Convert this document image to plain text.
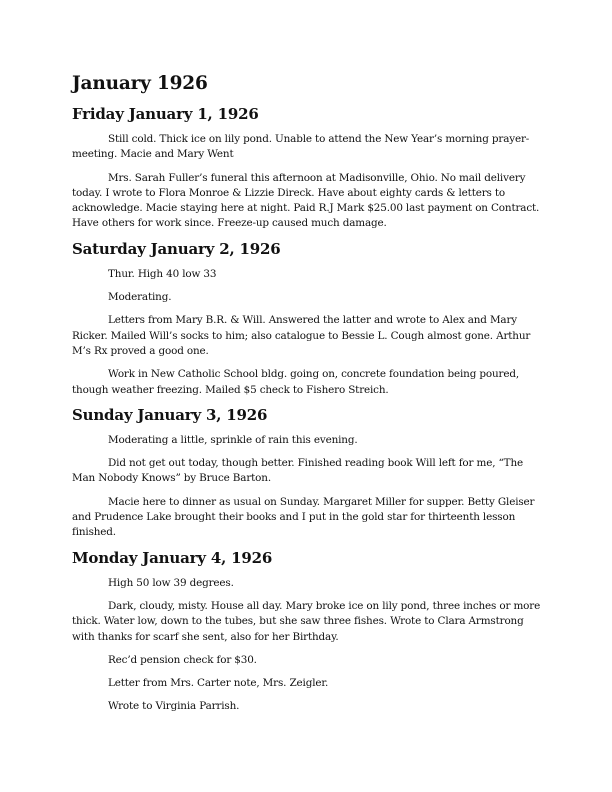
January 1926
Friday January 1, 1926

Still cold. Thick ice on lily pond. Unable to attend the New Year’s morning prayer-meeting. Macie and Mary Went

Mrs. Sarah Fuller’s funeral this afternoon at Madisonville, Ohio. No mail delivery today. I wrote to Flora Monroe & Lizzie Direck. Have about eighty cards & letters to acknowledge. Macie staying here at night. Paid R.J Mark $25.00 last payment on Contract. Have others for work since. Freeze-up caused much damage.

Saturday January 2, 1926

Thur. High 40 low 33

Moderating.

Letters from Mary B.R. & Will. Answered the latter and wrote to Alex and Mary Ricker. Mailed Will’s socks to him; also catalogue to Bessie L. Cough almost gone. Arthur M’s Rx proved a good one.

Work in New Catholic School bldg. going on, concrete foundation being poured, though weather freezing. Mailed $5 check to Fishero Streich.

Sunday January 3, 1926

Moderating a little, sprinkle of rain this evening.

Did not get out today, though better. Finished reading book Will left for me, “The Man Nobody Knows” by Bruce Barton.

Macie here to dinner as usual on Sunday. Margaret Miller for supper. Betty Gleiser and Prudence Lake brought their books and I put in the gold star for thirteenth lesson finished.

Monday January 4, 1926

High 50 low 39 degrees.

Dark, cloudy, misty. House all day. Mary broke ice on lily pond, three inches or more thick. Water low, down to the tubes, but she saw three fishes. Wrote to Clara Armstrong with thanks for scarf she sent, also for her Birthday.

Rec’d pension check for $30.

Letter from Mrs. Carter note, Mrs. Zeigler.

Wrote to Virginia Parrish.
